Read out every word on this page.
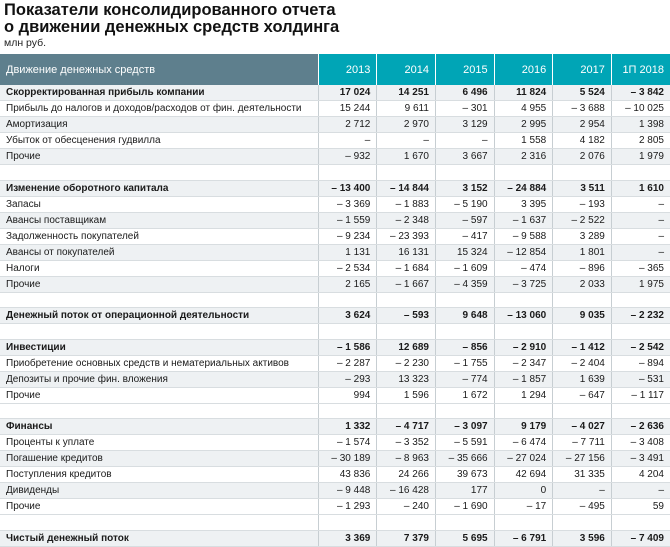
Показатели консолидированного отчета
о движении денежных средств холдинга
млн руб.
Движение денежных средств	2013	2014	2015	2016	2017	1П 2018
Скорректированная прибыль компании	17 024	14 251	6 496	11 824	5 524	– 3 842
Прибыль до налогов и доходов/расходов от фин. деятельности	15 244	9 611	– 301	4 955	– 3 688	– 10 025
Амортизация	2 712	2 970	3 129	2 995	2 954	1 398
Убыток от обесценения гудвилла	–	–	–	1 558	4 182	2 805
Прочие	– 932	1 670	3 667	2 316	2 076	1 979

Изменение оборотного капитала	– 13 400	– 14 844	3 152	– 24 884	3 511	1 610
Запасы	– 3 369	– 1 883	– 5 190	3 395	– 193	–
Авансы поставщикам	– 1 559	– 2 348	– 597	– 1 637	– 2 522	–
Задолженность покупателей	– 9 234	– 23 393	– 417	– 9 588	3 289	–
Авансы от покупателей	1 131	16 131	15 324	– 12 854	1 801	–
Налоги	– 2 534	– 1 684	– 1 609	– 474	– 896	– 365
Прочие	2 165	– 1 667	– 4 359	– 3 725	2 033	1 975

Денежный поток от операционной деятельности	3 624	– 593	9 648	– 13 060	9 035	– 2 232

Инвестиции	– 1 586	12 689	– 856	– 2 910	– 1 412	– 2 542
Приобретение основных средств и нематериальных активов	– 2 287	– 2 230	– 1 755	– 2 347	– 2 404	– 894
Депозиты и прочие фин. вложения	– 293	13 323	– 774	– 1 857	1 639	– 531
Прочие	994	1 596	1 672	1 294	– 647	– 1 117

Финансы	1 332	– 4 717	– 3 097	9 179	– 4 027	– 2 636
Проценты к уплате	– 1 574	– 3 352	– 5 591	– 6 474	– 7 711	– 3 408
Погашение кредитов	– 30 189	– 8 963	– 35 666	– 27 024	– 27 156	– 3 491
Поступления кредитов	43 836	24 266	39 673	42 694	31 335	4 204
Дивиденды	– 9 448	– 16 428	177	0	–	–
Прочие	– 1 293	– 240	– 1 690	– 17	– 495	59

Чистый денежный поток	3 369	7 379	5 695	– 6 791	3 596	– 7 409
